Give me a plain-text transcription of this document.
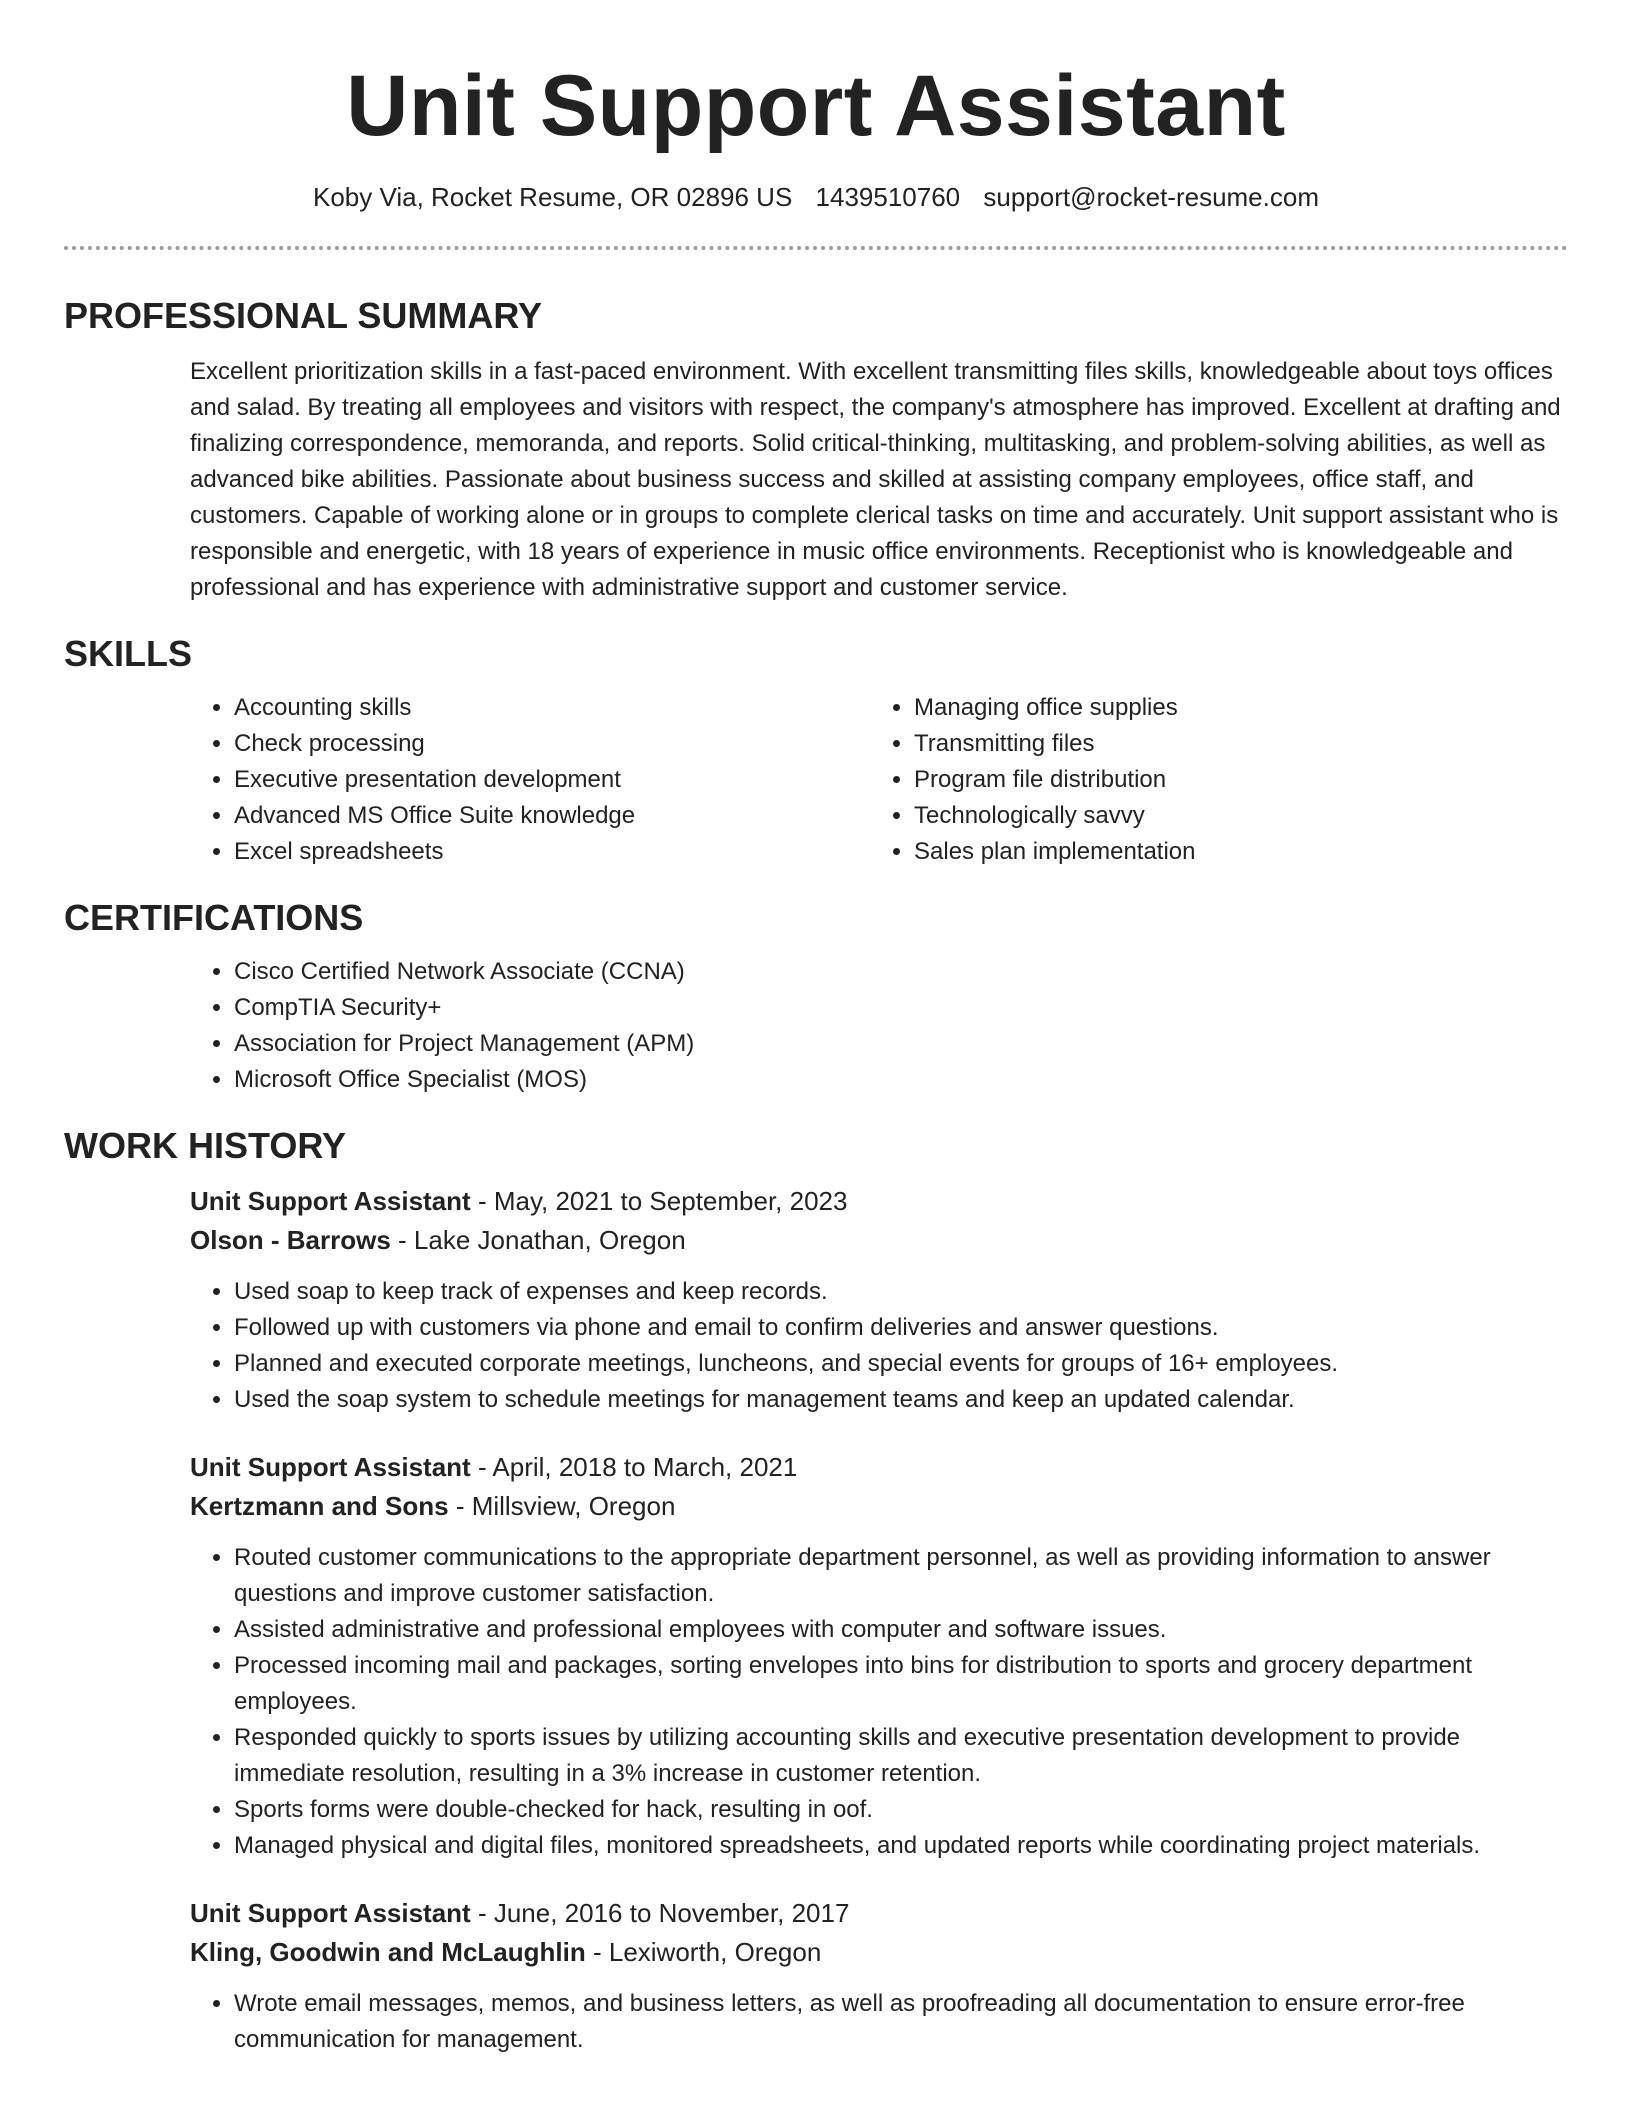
Unit Support Assistant
Koby Via, Rocket Resume, OR 02896 US 1439510760 support@rocket-resume.com
PROFESSIONAL SUMMARY

Excellent prioritization skills in a fast-paced environment. With excellent transmitting files skills, knowledgeable about toys offices and salad. By treating all employees and visitors with respect, the company's atmosphere has improved. Excellent at drafting and finalizing correspondence, memoranda, and reports. Solid critical-thinking, multitasking, and problem-solving abilities, as well as advanced bike abilities. Passionate about business success and skilled at assisting company employees, office staff, and customers. Capable of working alone or in groups to complete clerical tasks on time and accurately. Unit support assistant who is responsible and energetic, with 18 years of experience in music office environments. Receptionist who is knowledgeable and professional and has experience with administrative support and customer service.

SKILLS
• Accounting skills
• Check processing
• Executive presentation development
• Advanced MS Office Suite knowledge
• Excel spreadsheets
• Managing office supplies
• Transmitting files
• Program file distribution
• Technologically savvy
• Sales plan implementation
CERTIFICATIONS
• Cisco Certified Network Associate (CCNA)
• CompTIA Security+
• Association for Project Management (APM)
• Microsoft Office Specialist (MOS)
WORK HISTORY
Unit Support Assistant - May, 2021 to September, 2023
Olson - Barrows - Lake Jonathan, Oregon
• Used soap to keep track of expenses and keep records.
• Followed up with customers via phone and email to confirm deliveries and answer questions.
• Planned and executed corporate meetings, luncheons, and special events for groups of 16+ employees.
• Used the soap system to schedule meetings for management teams and keep an updated calendar.
Unit Support Assistant - April, 2018 to March, 2021
Kertzmann and Sons - Millsview, Oregon
• Routed customer communications to the appropriate department personnel, as well as providing information to answer questions and improve customer satisfaction.
• Assisted administrative and professional employees with computer and software issues.
• Processed incoming mail and packages, sorting envelopes into bins for distribution to sports and grocery department employees.
• Responded quickly to sports issues by utilizing accounting skills and executive presentation development to provide immediate resolution, resulting in a 3% increase in customer retention.
• Sports forms were double-checked for hack, resulting in oof.
• Managed physical and digital files, monitored spreadsheets, and updated reports while coordinating project materials.
Unit Support Assistant - June, 2016 to November, 2017
Kling, Goodwin and McLaughlin - Lexiworth, Oregon
• Wrote email messages, memos, and business letters, as well as proofreading all documentation to ensure error-free communication for management.
